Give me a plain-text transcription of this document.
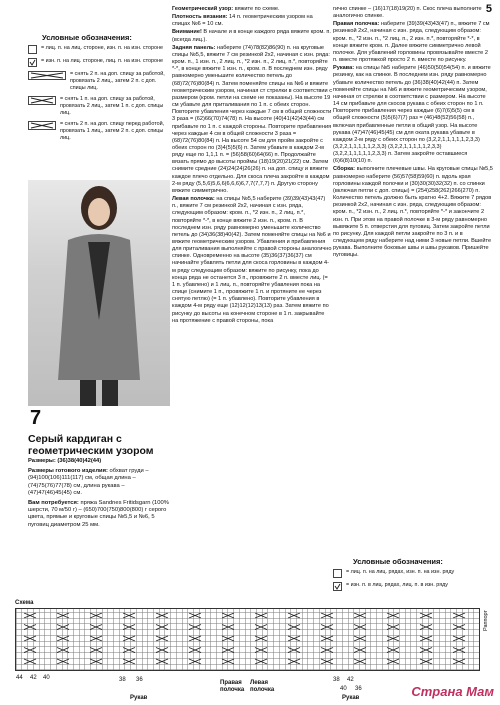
5
Условные обозначения:
= лиц. п. на лиц. стороне, изн. п. на изн. стороне
= изн. п. на лиц. стороне, лиц. п. на изн. стороне
= снять 2 п. на доп. спицу за работой, провязать 2 лиц., затем 2 п. с доп. спицы лиц.
= снять 1 п. на доп. спицу за работой, провязать 2 лиц., затем 1 п. с доп. спицы лиц.
= снять 2 п. на доп. спицу перед работой, провязать 1 лиц., затем 2 п. с доп. спицы лиц.
7
Серый кардиган с геометрическим узором

Размеры: (36)38(40)42(44)

Размеры готового изделия: обхват груди – (94)100(106)111(117) см, общая длина – (74)75(76)77(78) см, длина рукава – (47)47(46)45(45) см.

Вам потребуется: пряжа Sandnes Fritidsgarn (100% шерсти, 70 м/50 г) – (650)700(750)800(800) г серого цвета, прямые и круговые спицы №5,5 и №6, 5 пуговиц диаметром 25 мм.

Геометрический узор: вяжите по схеме.

Плотность вязания: 14 п. геометрическим узором на спицах №6 = 10 см.

Внимание! В начале и в конце каждого ряда вяжите кром. п. (всегда лиц.).

Задняя панель: наберите (74)78(82)86(90) п. на круговые спицы №5,5, вяжите 7 см резинкой 2х2, начиная с изн. ряда: кром. п., 1 изн. п., 2 лиц. п., *2 изн. п., 2 лиц. п.*, повторяйте *-*, в конце вяжите 1 изн. п., кром. п. В последнем изн. ряду равномерно уменьшите количество петель до (68)72(76)80(84) п. Затем поменяйте спицы на №6 и вяжите геометрическим узором, начиная ст стрелки в соответствии с размером (кром. петли на схеме не показаны). На высоте 19 см убавьте для приталивания по 1 п. с обеих сторон. Повторите убавления через каждые 7 см в общей сложности 3 раза = (62)66(70)74(78) п. На высоте (40)41(42)43(44) см прибавьте по 1 п. с каждой стороны. Повторите прибавления через каждые 4 см в общей сложности 3 раза = (68)72(76)80(84) п. На высоте 54 см для пройм закройте с обеих сторон по (3)4(5)5(6) п. Затем убавьте в каждом 2-м ряду еще по 1,1,1 п. = (56)58(60)64(66) п. Продолжайте вязать прямо до высоты проймы (18)19(20)21(22) см. Затем снимите средние (24)24(24)26(26) п. на доп. спицу и вяжите каждое плечо отдельно. Для скоса плеча закройте в каждом 2-м ряду (5,5,6)5,6,6(6,6,6)6,7,7(7,7,7) п. Другую сторону вяжите симметрично.

Левая полочка: на спицы №5,5 наберите (39)39(43)43(47) п., вяжите 7 см резинкой 2х2, начиная с изн. ряда, следующим образом: кром. п., *2 изн. п., 2 лиц. п.*, повторяйте *-*, в конце вяжите 2 изн. п., кром. п. В последнем изн. ряду равномерно уменьшите количество петель до (34)36(38)40(42). Затем поменяйте спицы на №6 и вяжите геометрическим узором. Убавления и прибавления для приталивания выполняйте с правой стороны аналогично спинке. Одновременно на высоте (35)36(37)36(37) см начинайте убавлять петли для скоса горловины в каждом 4-м ряду следующим образом: вяжите по рисунку, пока до конца ряда не останется 3 п., провяжите 2 п. вместе лиц. (= 1 п. убавлено) и 1 лиц. п., повторяйте убавления пока на спице (снимите 1 п., провяжите 1 п. и протяните ее через снятую петлю) (= 1 п. убавлено). Повторите убавления в каждом 4-м ряду еще (12)12(12)13(13) раз. Затем вяжите по рисунку до высоты на конечном стороне в 1 п. закрывайте на протяжение с правой стороны, пока

гично спинке – (16)17(18)19(20) п. Скос плеча выполните аналогично спинке.

Правая полочка: наберите (39)39(43)43(47) п., вяжите 7 см резинкой 2х2, начиная с изн. ряда, следующим образом: кром. п., *2 изн. п., *2 лиц. п., 2 изн. п.*, повторяйте *-*, в конце вяжите кром. п. Далее вяжите симметрично левой полочке. Для убавлений горловины провязывайте вместе 2 п. вместе протяжкой просто 2 п. вместе по рисунку.

Рукава: на спицы №5 наберите (46)50(50)54(54) п. и вяжите резинку, как на спинке. В последнем изн. ряду равномерно убавьте количество петель до (36)38(40)42(44) п. Затем поменяйте спицы на №6 и вяжите геометрическим узором, начиная от стрелки в соответствии с размером. На высоте 14 см прибавьте для скосов рукава с обеих сторон по 1 п. Повторите прибавления через каждые (6)7(6)5(5) см в общей сложности (5)5(6)7(7) раз = (46)48(52)56(58) п., включая прибавленные петли в общий узор. На высоте рукава (47)47(46)45(45) см для оката рукава убавьте в каждом 2-м ряду с обеих сторон по (3,2,2,1,1,1,1,1,2,3,3) (3,2,2,1,1,1,1,1,2,3,3) (3,2,2,1,1,1,1,1,2,3,3) (3,2,2,1,1,1,1,1,2,3,3) п. Затем закройте оставшиеся (6)6(8)10(10) п.

Сборка: выполните плечевые швы. На круговые спицы №5,5 равномерно наберите (56)57(58)59(60) п. вдоль края горловины каждой полочки и (30)30(30)32(32) п. со спинки (включая петли с доп. спицы) = (254)258(262)266(270) п. Количество петель должно быть кратно 4+2. Вяжите 7 рядов резинкой 2х2, начиная с изн. ряда, следующим образом: кром. п., *2 изн. п., 2 лиц. п.*, повторяйте *-* и закончите 2 изн. п. При этом на правой полочке в 3-м ряду равномерно вывяжите 5 п. отверстия для пуговиц. Затем закройте петли по рисунку. Для каждой петли закройте по 3 п. и в следующем ряду наберите над ними 3 новые петли. Вшейте рукава. Выполните боковые швы и швы рукавов. Пришейте пуговицы.

Условные обозначения:
= лиц. п. на лиц. рядах, изн. п. на изн. ряду
= изн. п. в лиц. рядах, лиц. п. в изн. ряду
Схема
Раппорт
44 42 40	38 36	38 42
40 36
Рукав
Правая полочка
Левая полочка
Рукав	Страна Мам
